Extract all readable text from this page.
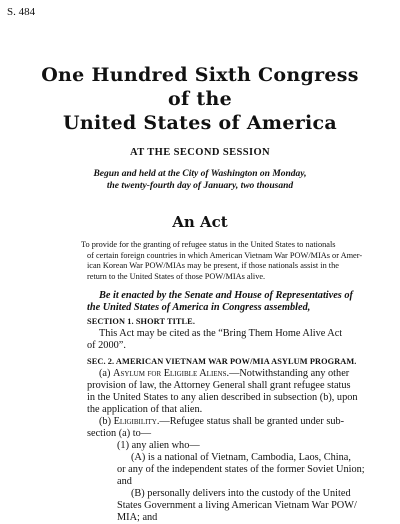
S. 484
One Hundred Sixth Congress
of the
United States of America
AT THE SECOND SESSION
Begun and held at the City of Washington on Monday,
the twenty-fourth day of January, two thousand
An Act
To provide for the granting of refugee status in the United States to nationals
of certain foreign countries in which American Vietnam War POW/MIAs or Amer-
ican Korean War POW/MIAs may be present, if those nationals assist in the
return to the United States of those POW/MIAs alive.
Be it enacted by the Senate and House of Representatives of
the United States of America in Congress assembled,
SECTION 1. SHORT TITLE.
This Act may be cited as the “Bring Them Home Alive Act
of 2000”.
SEC. 2. AMERICAN VIETNAM WAR POW/MIA ASYLUM PROGRAM.
(a) Asylum for Eligible Aliens.—Notwithstanding any other
provision of law, the Attorney General shall grant refugee status
in the United States to any alien described in subsection (b), upon
the application of that alien.
(b) Eligibility.—Refugee status shall be granted under sub-
section (a) to—
(1) any alien who—
(A) is a national of Vietnam, Cambodia, Laos, China,
or any of the independent states of the former Soviet Union;
and
(B) personally delivers into the custody of the United
States Government a living American Vietnam War POW/
MIA; and
